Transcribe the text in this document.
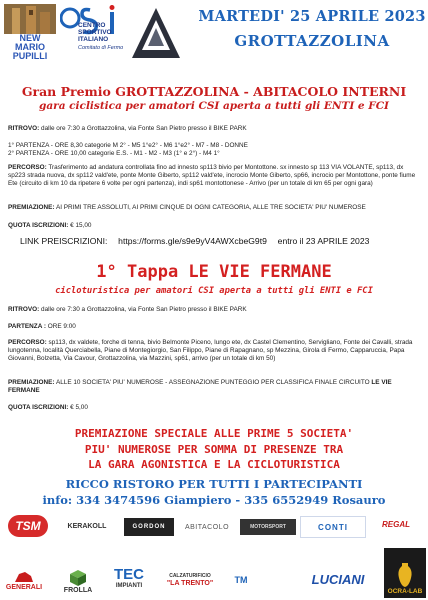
NEW MARIO PUPILLI
CENTRO SPORTIVO ITALIANO
Comitato di Fermo
MARTEDI' 25 APRILE 2023
GROTTAZZOLINA
Gran Premio GROTTAZZOLINA - ABITACOLO INTERNI
gara ciclistica per amatori CSI aperta a tutti gli ENTI e FCI
RITROVO: dalle ore 7:30 a Grottazzolina, via Fonte San Pietro presso il BIKE PARK
1° PARTENZA - ORE 8,30 categorie M 2° - M5 1°e2° - M6 1°e2° - M7 - M8 - DONNE
2° PARTENZA - ORE 10,00 categorie E.S. - M1 - M2 - M3 (1° e 2°) - M4 1°
PERCORSO: Trasferimento ad andatura controllata fino ad innesto sp113 bivio per Montottone. sx innesto sp 113 VIA VOLANTE, sp113, dx sp223 strada nuova, dx sp112 vald'ete, ponte Monte Giberto, sp112 vald'ete, incrocio Monte Giberto, sp66, incrocio per Montottone, ponte fiume Ete (circuito di km 10 da ripetere 6 volte per ogni partenza), indi sp61 montottonese - Arrivo (per un totale di km 65 per ogni gara)
PREMIAZIONE: AI PRIMI TRE ASSOLUTI, AI PRIMI CINQUE DI OGNI CATEGORIA, ALLE TRE SOCIETA' PIU' NUMEROSE
QUOTA ISCRIZIONI: € 15,00
LINK PREISCRIZIONI: https://forms.gle/s9e9yV4AWXcbeG9t9 entro il 23 APRILE 2023
1° Tappa LE VIE FERMANE
cicloturistica per amatori CSI aperta a tutti gli ENTI e FCI
RITROVO: dalle ore 7:30 a Grottazzolina, via Fonte San Pietro presso il BIKE PARK
PARTENZA : ORE 9:00
PERCORSO: sp113, dx valdete, forche di tenna, bivio Belmonte Piceno, lungo ete, dx Castel Clementino, Servigliano, Fonte dei Cavalli, strada lungotenna, località Querciabella, Piane di Montegiorgio, San Filippo, Piane di Rapagnano, sp Mezzina, Girola di Fermo, Capparuccia, Papa Giovanni, Bolzetta, Via Cavour, Grottazzolina, via Mazzini, sp61, arrivo (per un totale di km 50)
PREMIAZIONE: ALLE 10 SOCIETA' PIU' NUMEROSE - ASSEGNAZIONE PUNTEGGIO PER CLASSIFICA FINALE CIRCUITO LE VIE FERMANE
QUOTA ISCRIZIONI: € 5,00
PREMIAZIONE SPECIALE ALLE PRIME 5 SOCIETA'
PIU' NUMEROSE PER SOMMA DI PRESENZE TRA
LA GARA AGONISTICA E LA CICLOTURISTICA
RICCO RISTORO PER TUTTI I PARTECIPANTI
info: 334 3474596 Giampiero - 335 6552949 Rosauro
TSM	KERAKOLL	GORDON	ABITACOLO	MOTORSPORT	CONTI	REGAL
GENERALI	FROLLA
TEC
IMPIANTI
CALZATURIFICIO
"LA TRENTO"	TM	LUCIANI
OCRA-LAB
